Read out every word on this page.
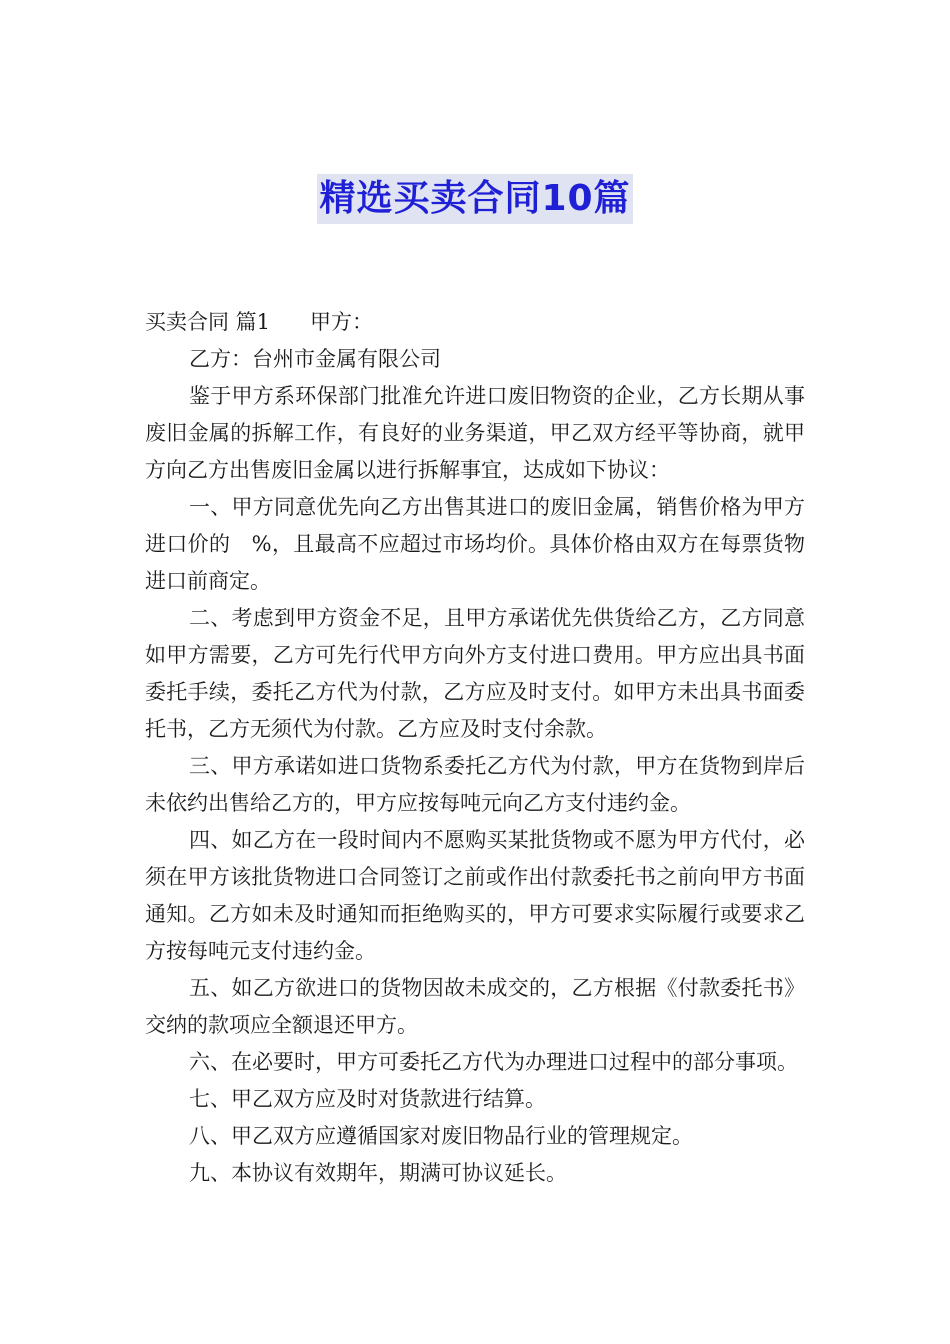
精选买卖合同10篇

买卖合同 篇1 甲方：

乙方：台州市金属有限公司

鉴于甲方系环保部门批准允许进口废旧物资的企业，乙方长期从事废旧金属的拆解工作，有良好的业务渠道，甲乙双方经平等协商，就甲方向乙方出售废旧金属以进行拆解事宜，达成如下协议：

一、甲方同意优先向乙方出售其进口的废旧金属，销售价格为甲方进口价的　%，且最高不应超过市场均价。具体价格由双方在每票货物进口前商定。

二、考虑到甲方资金不足，且甲方承诺优先供货给乙方，乙方同意如甲方需要，乙方可先行代甲方向外方支付进口费用。甲方应出具书面委托手续，委托乙方代为付款，乙方应及时支付。如甲方未出具书面委托书，乙方无须代为付款。乙方应及时支付余款。

三、甲方承诺如进口货物系委托乙方代为付款，甲方在货物到岸后未依约出售给乙方的，甲方应按每吨元向乙方支付违约金。

四、如乙方在一段时间内不愿购买某批货物或不愿为甲方代付，必须在甲方该批货物进口合同签订之前或作出付款委托书之前向甲方书面通知。乙方如未及时通知而拒绝购买的，甲方可要求实际履行或要求乙方按每吨元支付违约金。

五、如乙方欲进口的货物因故未成交的，乙方根据《付款委托书》交纳的款项应全额退还甲方。

六、在必要时，甲方可委托乙方代为办理进口过程中的部分事项。

七、甲乙双方应及时对货款进行结算。

八、甲乙双方应遵循国家对废旧物品行业的管理规定。

九、本协议有效期年，期满可协议延长。
